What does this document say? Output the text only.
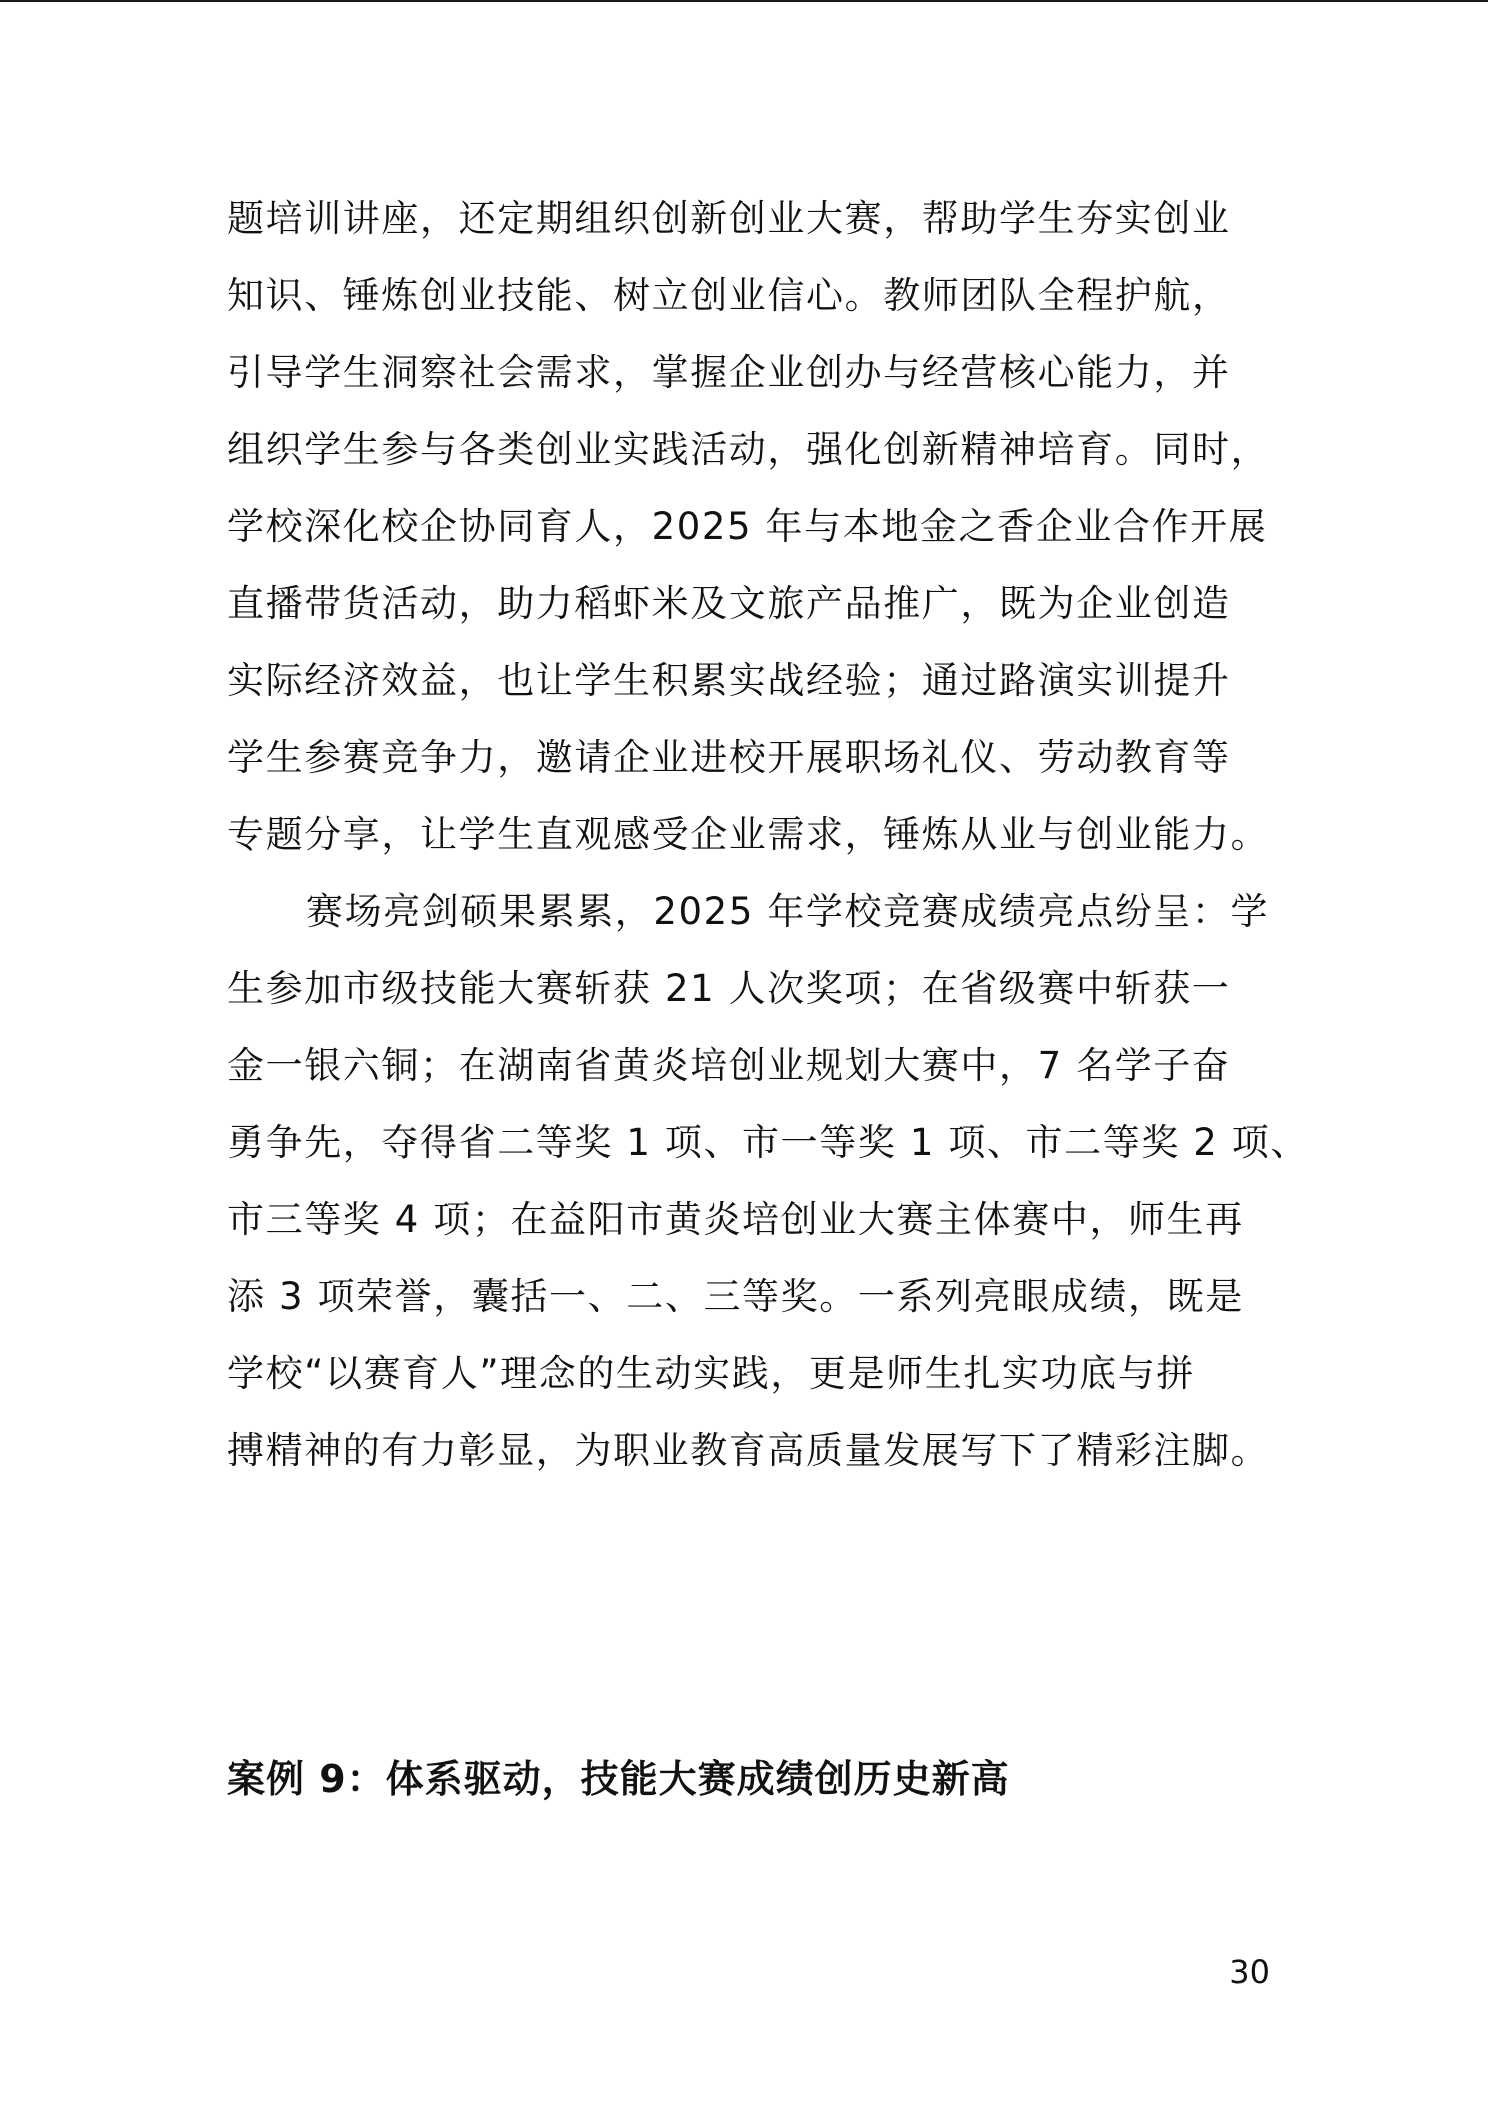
题培训讲座，还定期组织创新创业大赛，帮助学生夯实创业
知识、锤炼创业技能、树立创业信心。教师团队全程护航，
引导学生洞察社会需求，掌握企业创办与经营核心能力，并
组织学生参与各类创业实践活动，强化创新精神培育。同时，
学校深化校企协同育人，2025 年与本地金之香企业合作开展
直播带货活动，助力稻虾米及文旅产品推广，既为企业创造
实际经济效益，也让学生积累实战经验；通过路演实训提升
学生参赛竞争力，邀请企业进校开展职场礼仪、劳动教育等
专题分享，让学生直观感受企业需求，锤炼从业与创业能力。
赛场亮剑硕果累累，2025 年学校竞赛成绩亮点纷呈：学
生参加市级技能大赛斩获 21 人次奖项；在省级赛中斩获一
金一银六铜；在湖南省黄炎培创业规划大赛中，7 名学子奋
勇争先，夺得省二等奖 1 项、市一等奖 1 项、市二等奖 2 项、
市三等奖 4 项；在益阳市黄炎培创业大赛主体赛中，师生再
添 3 项荣誉，囊括一、二、三等奖。一系列亮眼成绩，既是
学校“以赛育人”理念的生动实践，更是师生扎实功底与拼
搏精神的有力彰显，为职业教育高质量发展写下了精彩注脚。
案例 9：体系驱动，技能大赛成绩创历史新高
30
